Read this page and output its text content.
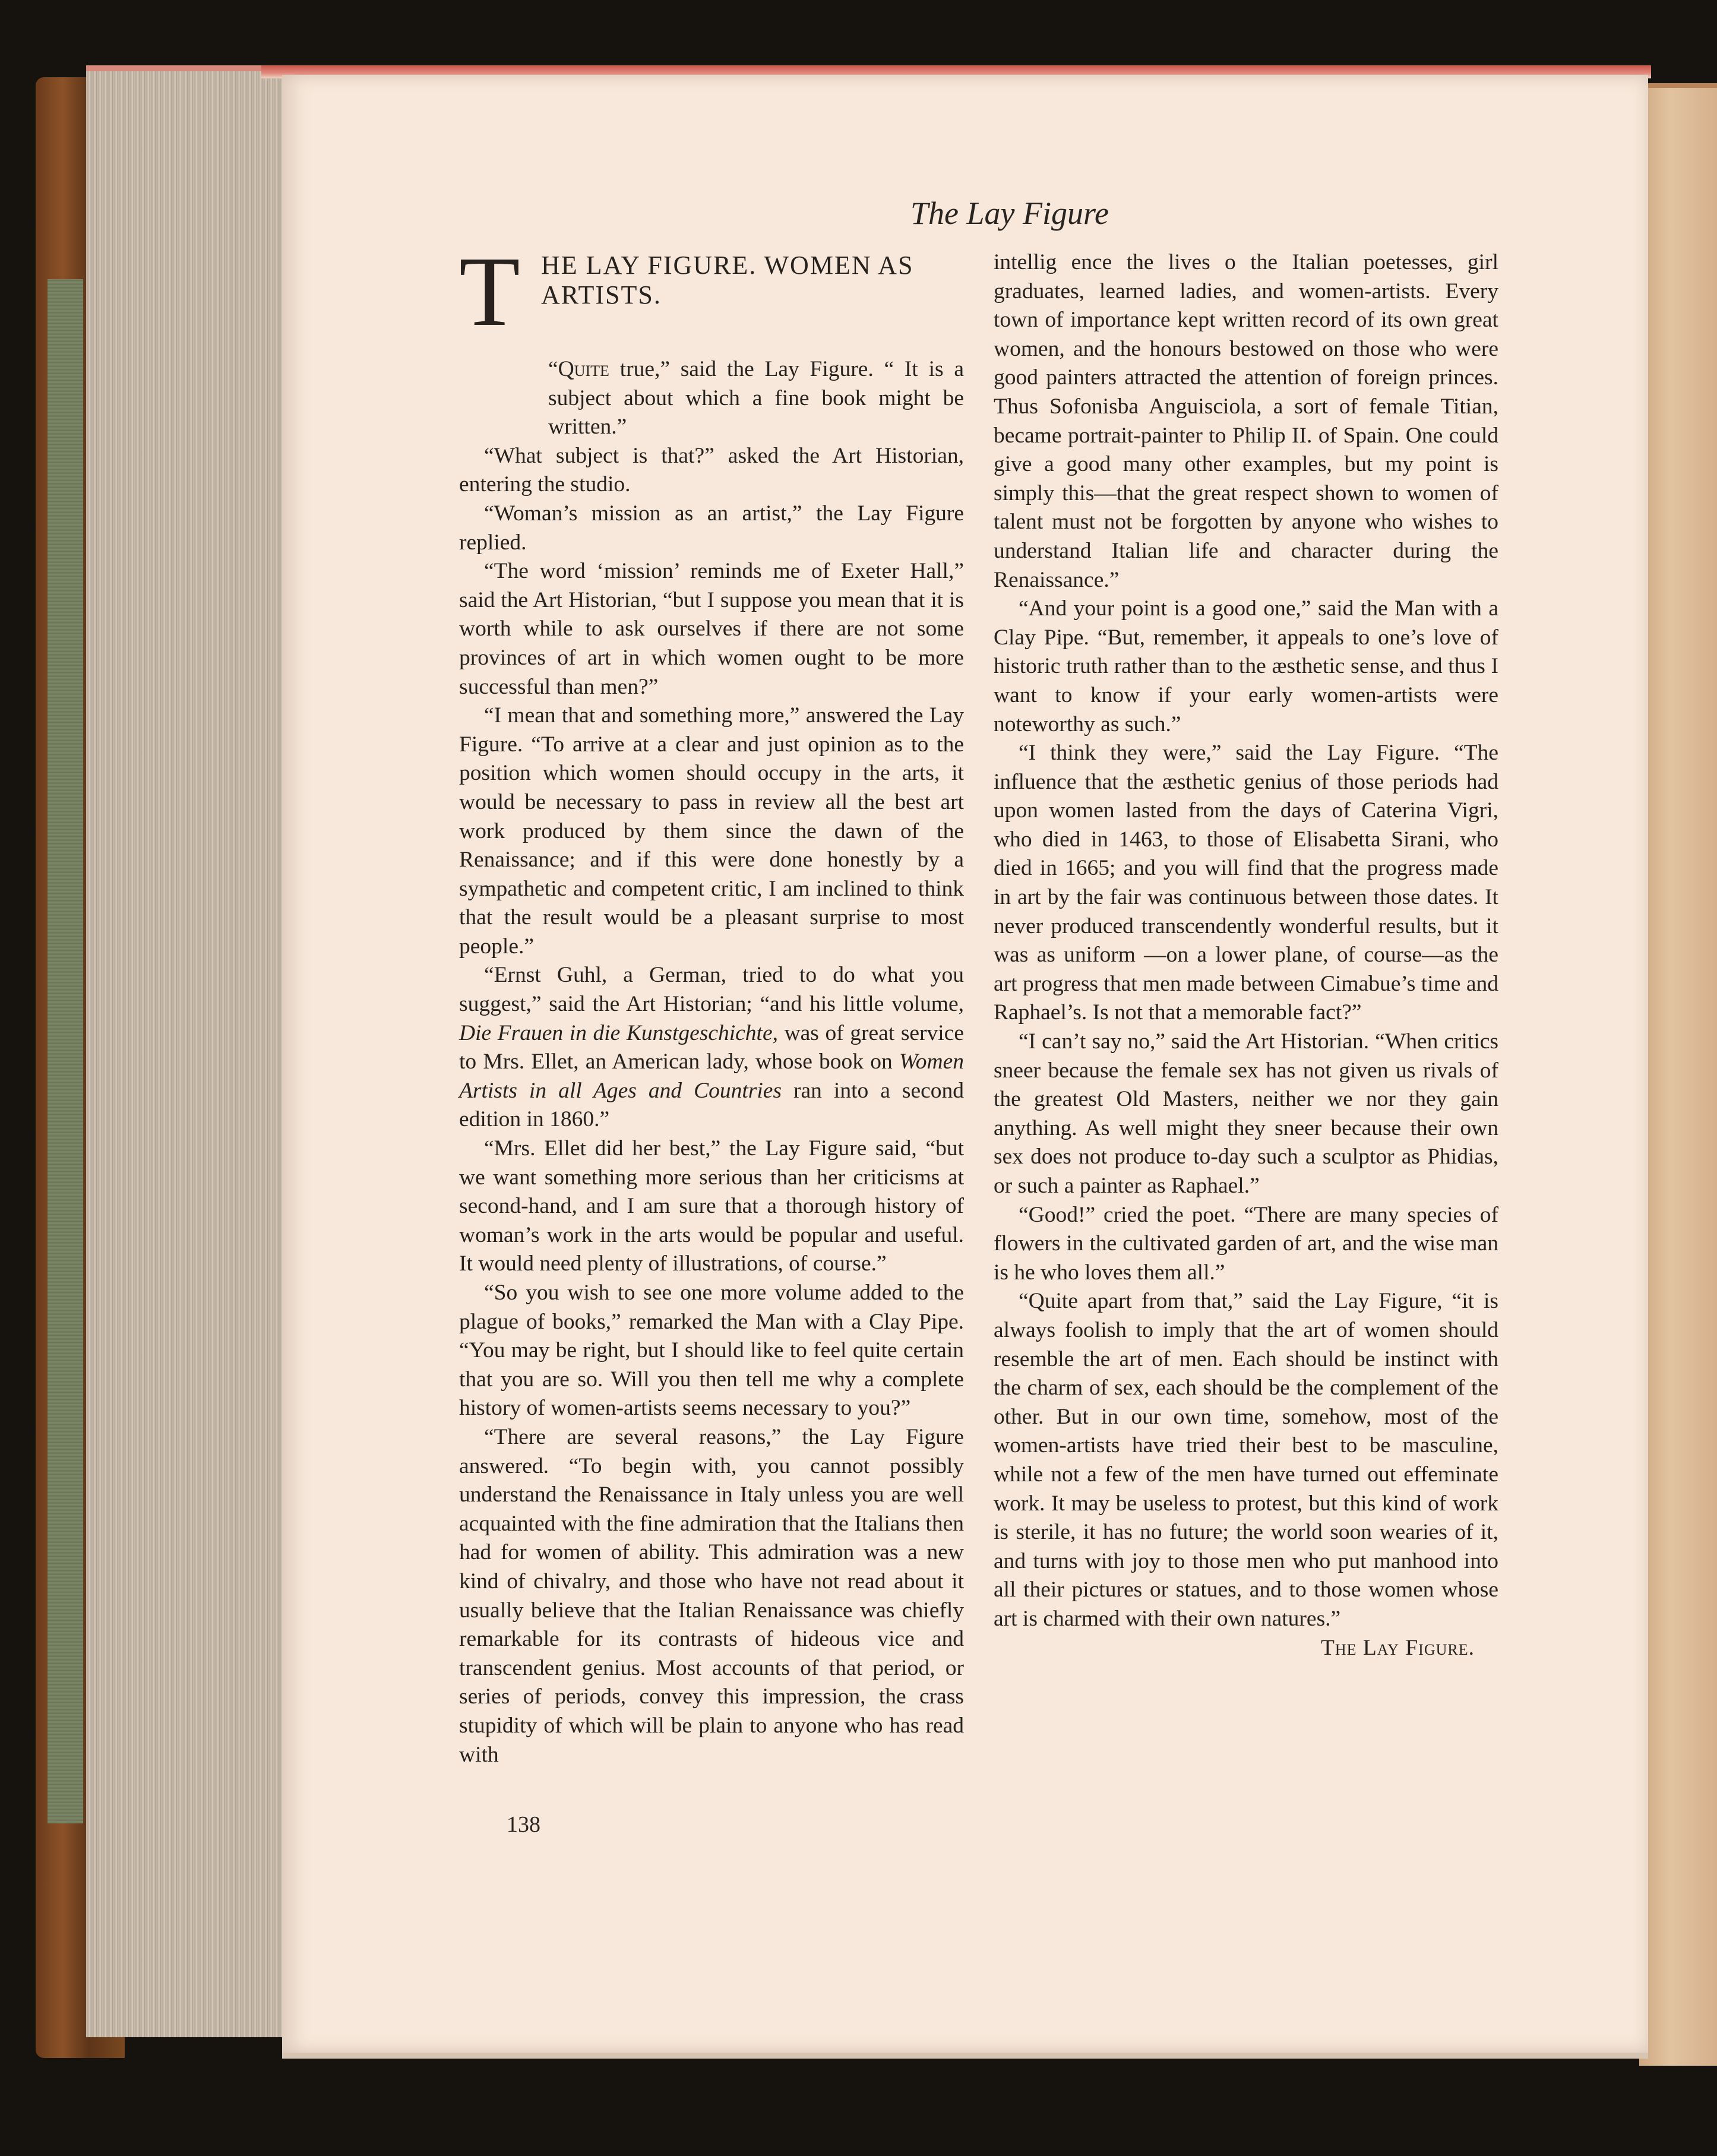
The Lay Figure
T HE LAY FIGURE. WOMEN AS ARTISTS.

“Quite true,” said the Lay Figure. “ It is a subject about which a fine book might be written.”

“What subject is that?” asked the Art Historian, entering the studio.

“Woman’s mission as an artist,” the Lay Figure replied.

“The word ‘mission’ reminds me of Exeter Hall,” said the Art Historian, “but I suppose you mean that it is worth while to ask ourselves if there are not some provinces of art in which women ought to be more successful than men?”

“I mean that and something more,” answered the Lay Figure. “To arrive at a clear and just opinion as to the position which women should occupy in the arts, it would be necessary to pass in review all the best art work produced by them since the dawn of the Renaissance; and if this were done honestly by a sympathetic and competent critic, I am inclined to think that the result would be a pleasant surprise to most people.”

“Ernst Guhl, a German, tried to do what you suggest,” said the Art Historian; “and his little volume, Die Frauen in die Kunstgeschichte, was of great service to Mrs. Ellet, an American lady, whose book on Women Artists in all Ages and Countries ran into a second edition in 1860.”

“Mrs. Ellet did her best,” the Lay Figure said, “but we want something more serious than her criticisms at second-hand, and I am sure that a thorough history of woman’s work in the arts would be popular and useful. It would need plenty of illustrations, of course.”

“So you wish to see one more volume added to the plague of books,” remarked the Man with a Clay Pipe. “You may be right, but I should like to feel quite certain that you are so. Will you then tell me why a complete history of women-artists seems necessary to you?”

“There are several reasons,” the Lay Figure answered. “To begin with, you cannot possibly understand the Renaissance in Italy unless you are well acquainted with the fine admiration that the Italians then had for women of ability. This admiration was a new kind of chivalry, and those who have not read about it usually believe that the Italian Renaissance was chiefly remarkable for its contrasts of hideous vice and transcendent genius. Most accounts of that period, or series of periods, convey this impression, the crass stupidity of which will be plain to anyone who has read with

intellig ence the lives o the Italian poetesses, girl graduates, learned ladies, and women-artists. Every town of importance kept written record of its own great women, and the honours bestowed on those who were good painters attracted the attention of foreign princes. Thus Sofonisba Anguisciola, a sort of female Titian, became portrait-painter to Philip II. of Spain. One could give a good many other examples, but my point is simply this—that the great respect shown to women of talent must not be forgotten by anyone who wishes to understand Italian life and character during the Renaissance.”

“And your point is a good one,” said the Man with a Clay Pipe. “But, remember, it appeals to one’s love of historic truth rather than to the æsthetic sense, and thus I want to know if your early women-artists were noteworthy as such.”

“I think they were,” said the Lay Figure. “The influence that the æsthetic genius of those periods had upon women lasted from the days of Caterina Vigri, who died in 1463, to those of Elisabetta Sirani, who died in 1665; and you will find that the progress made in art by the fair was continuous between those dates. It never produced transcendently wonderful results, but it was as uniform —on a lower plane, of course—as the art progress that men made between Cimabue’s time and Raphael’s. Is not that a memorable fact?”

“I can’t say no,” said the Art Historian. “When critics sneer because the female sex has not given us rivals of the greatest Old Masters, neither we nor they gain anything. As well might they sneer because their own sex does not produce to-day such a sculptor as Phidias, or such a painter as Raphael.”

“Good!” cried the poet. “There are many species of flowers in the cultivated garden of art, and the wise man is he who loves them all.”

“Quite apart from that,” said the Lay Figure, “it is always foolish to imply that the art of women should resemble the art of men. Each should be instinct with the charm of sex, each should be the complement of the other. But in our own time, somehow, most of the women-artists have tried their best to be masculine, while not a few of the men have turned out effeminate work. It may be useless to protest, but this kind of work is sterile, it has no future; the world soon wearies of it, and turns with joy to those men who put manhood into all their pictures or statues, and to those women whose art is charmed with their own natures.”
The Lay Figure.

138
